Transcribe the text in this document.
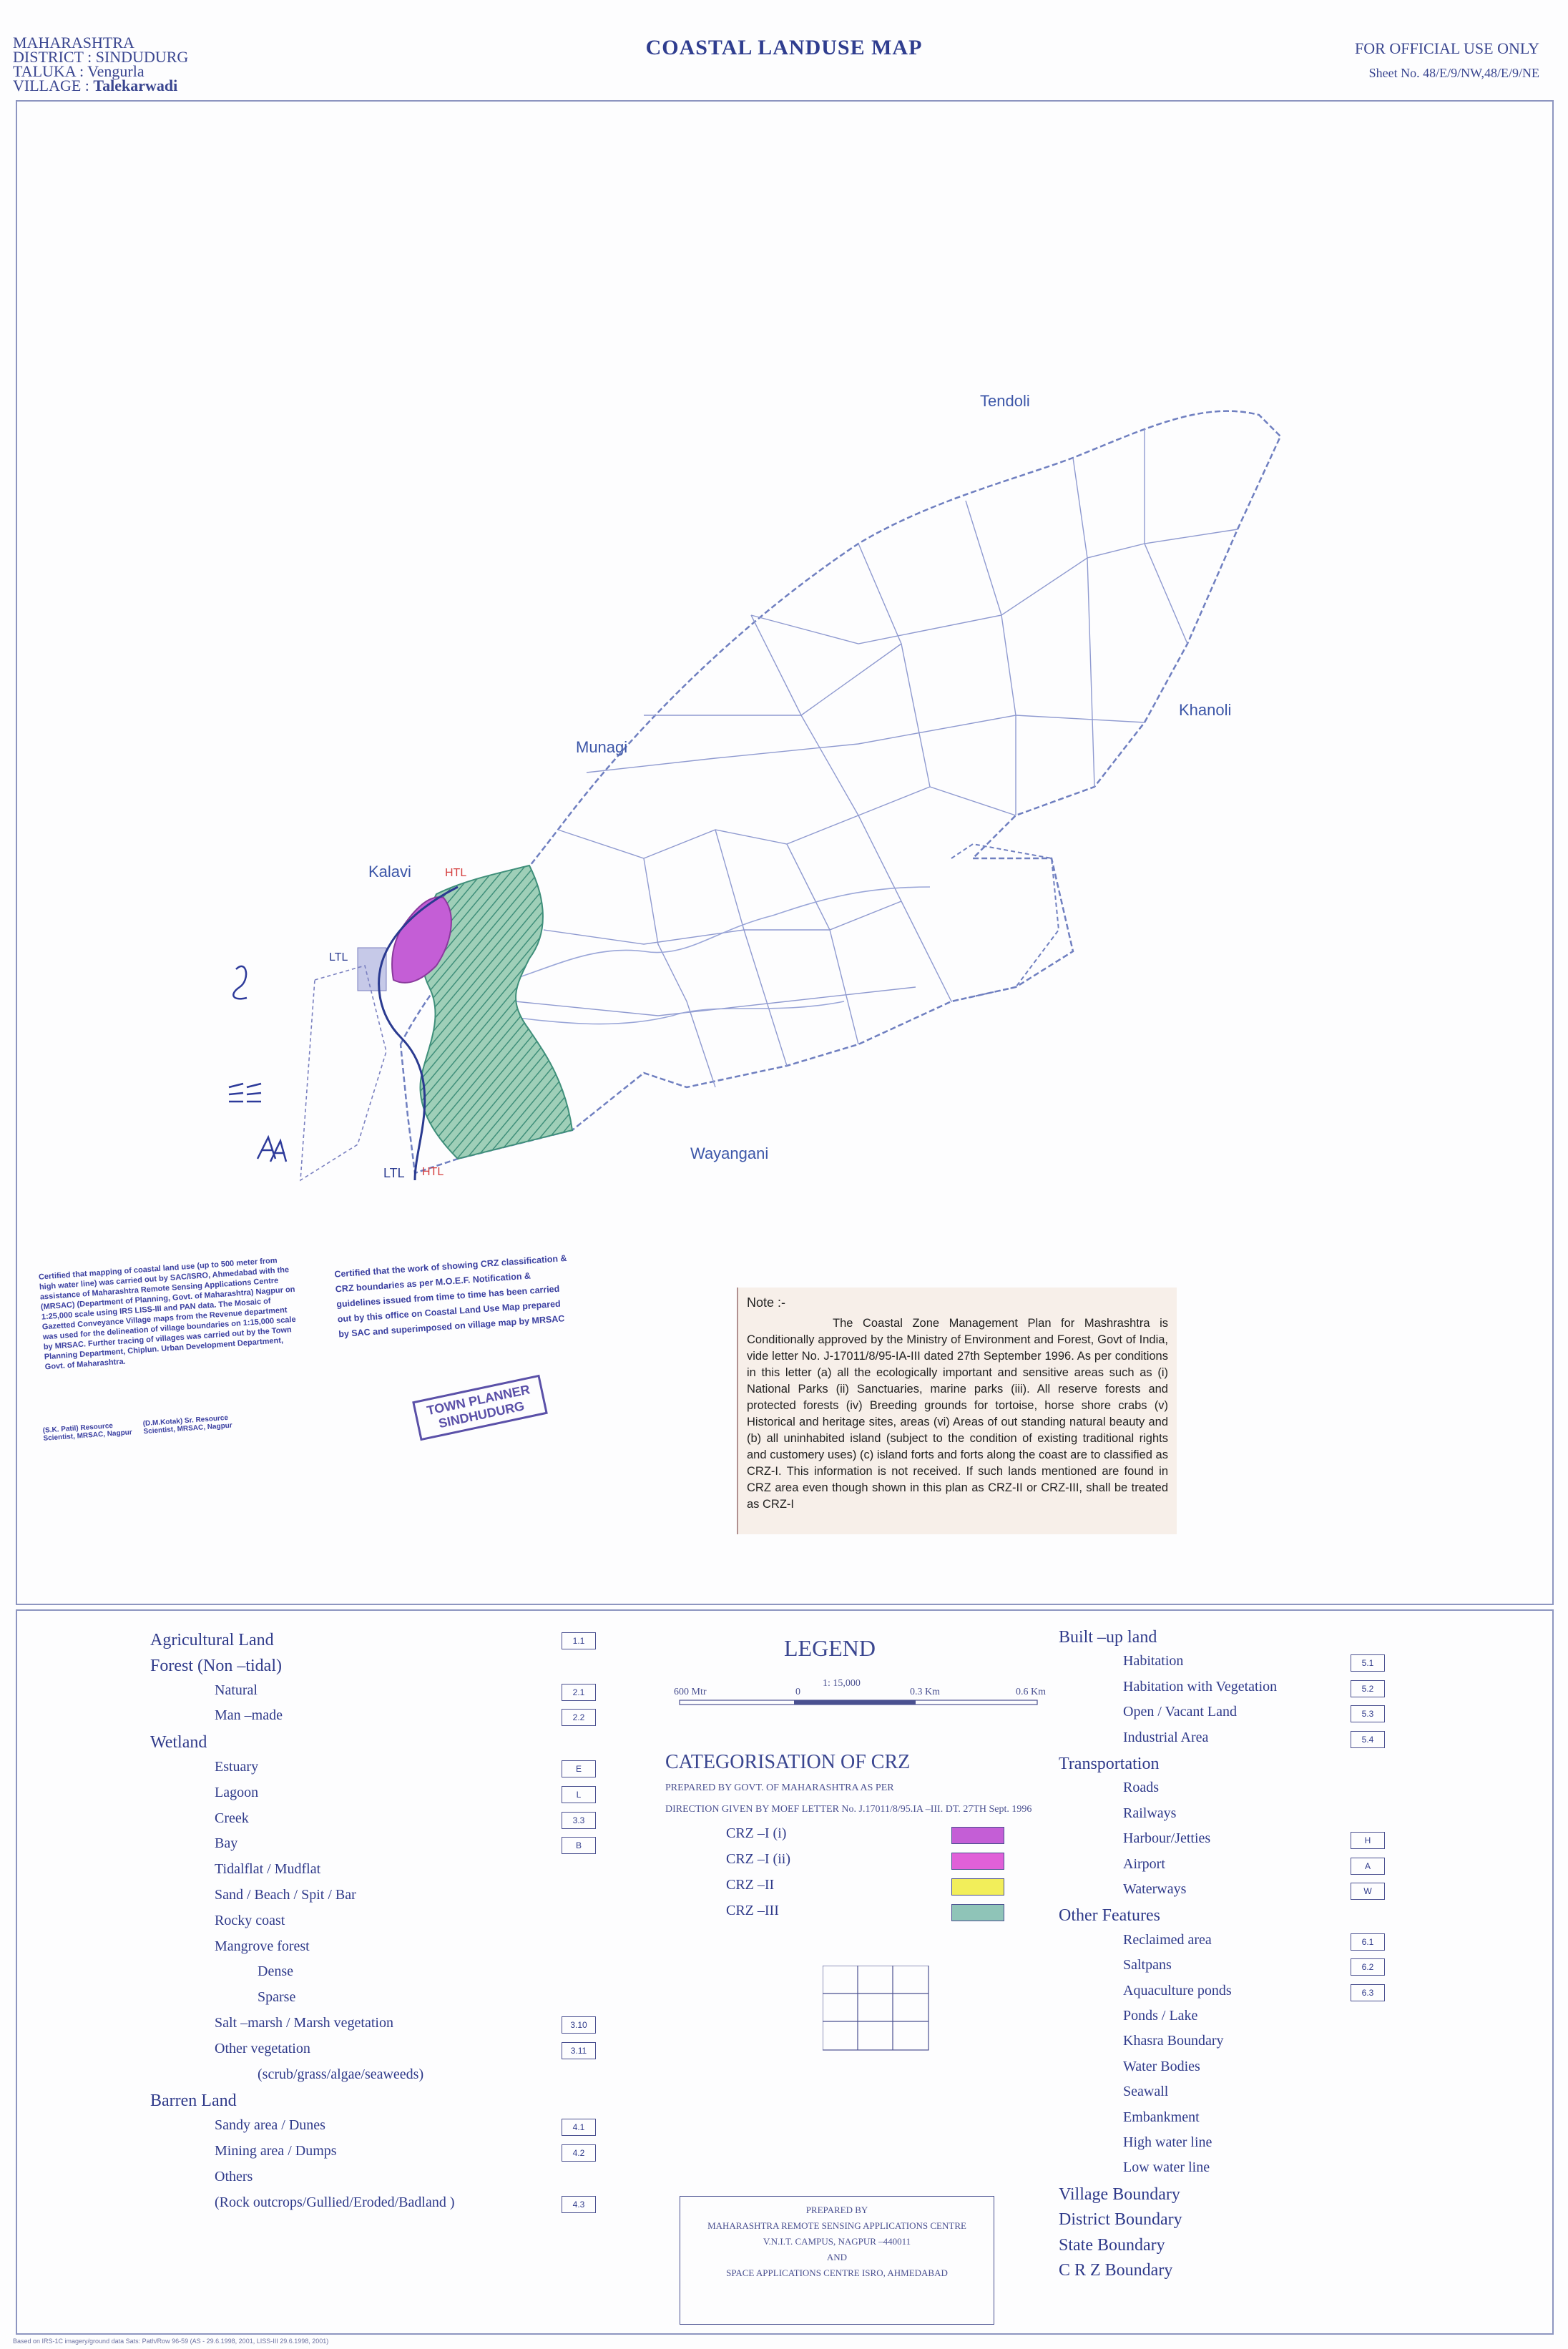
MAHARASHTRA
DISTRICT : SINDUDURG
TALUKA : Vengurla
VILLAGE : Talekarwadi
COASTAL LANDUSE MAP	FOR OFFICIAL USE ONLY
Sheet No. 48/E/9/NW,48/E/9/NE
Tendoli
Khanoli
Munagi
Kalavi
Wayangani
HTL
LTL
LTL HTL
Certified that mapping of coastal land use (up to 500 meter from high water line) was carried out by SAC/ISRO, Ahmedabad with the assistance of Maharashtra Remote Sensing Applications Centre (MRSAC) (Department of Planning, Govt. of Maharashtra) Nagpur on 1:25,000 scale using IRS LISS-III and PAN data. The Mosaic of Gazetted Conveyance Village maps from the Revenue department was used for the delineation of village boundaries on 1:15,000 scale by MRSAC. Further tracing of villages was carried out by the Town Planning Department, Chiplun. Urban Development Department, Govt. of Maharashtra.
Certified that the work of showing CRZ classification & CRZ boundaries as per M.O.E.F. Notification & guidelines issued from time to time has been carried out by this office on Coastal Land Use Map prepared by SAC and superimposed on village map by MRSAC
TOWN PLANNER SINDHUDURG
(S.K. Patil) Resource Scientist, MRSAC, Nagpur
(D.M.Kotak) Sr. Resource Scientist, MRSAC, Nagpur
Note :-

The Coastal Zone Management Plan for Mashrashtra is Conditionally approved by the Ministry of Environment and Forest, Govt of India, vide letter No. J-17011/8/95-IA-III dated 27th September 1996. As per conditions in this letter (a) all the ecologically important and sensitive areas such as (i) National Parks (ii) Sanctuaries, marine parks (iii). All reserve forests and protected forests (iv) Breeding grounds for tortoise, horse shore crabs (v) Historical and heritage sites, areas (vi) Areas of out standing natural beauty and (b) all uninhabited island (subject to the condition of existing traditional rights and customery uses) (c) island forts and forts along the coast are to classified as CRZ-I. This information is not received. If such lands mentioned are found in CRZ area even though shown in this plan as CRZ-II or CRZ-III, shall be treated as CRZ-I

LEGEND
Agricultural Land	1.1
Forest (Non –tidal)
Natural	2.1
Man –made	2.2
Wetland
Estuary	E
Lagoon	L
Creek	3.3
Bay	B
Tidalflat / Mudflat
Sand / Beach / Spit / Bar
Rocky coast
Mangrove forest
Dense
Sparse
Salt –marsh / Marsh vegetation	3.10
Other vegetation	3.11
(scrub/grass/algae/seaweeds)
Barren Land
Sandy area / Dunes	4.1
Mining area / Dumps	4.2
Others
(Rock outcrops/Gullied/Eroded/Badland )	4.3
Built –up land
Habitation	5.1
Habitation with Vegetation	5.2
Open / Vacant Land	5.3
Industrial Area	5.4
Transportation
Roads
Railways
Harbour/Jetties	H
Airport	A
Waterways	W
Other Features
Reclaimed area	6.1
Saltpans	6.2
Aquaculture ponds	6.3
Ponds / Lake
Khasra Boundary
Water Bodies
Seawall
Embankment
High water line
Low water line
Village Boundary
District Boundary
State Boundary
C R Z Boundary
600 Mtr	0
1: 15,000
0.3 Km	0.6 Km
CATEGORISATION OF CRZ
PREPARED BY GOVT. OF MAHARASHTRA AS PER
DIRECTION GIVEN BY MOEF LETTER No. J.17011/8/95.IA –III. DT. 27TH Sept. 1996
CRZ –I (i)
CRZ –I (ii)
CRZ –II
CRZ –III
PREPARED BY
MAHARASHTRA REMOTE SENSING APPLICATIONS CENTRE
V.N.I.T. CAMPUS, NAGPUR –440011
AND
SPACE APPLICATIONS CENTRE ISRO, AHMEDABAD
Based on IRS-1C imagery/ground data Sats: Path/Row 96-59 (AS - 29.6.1998, 2001, LISS-III 29.6.1998, 2001)
